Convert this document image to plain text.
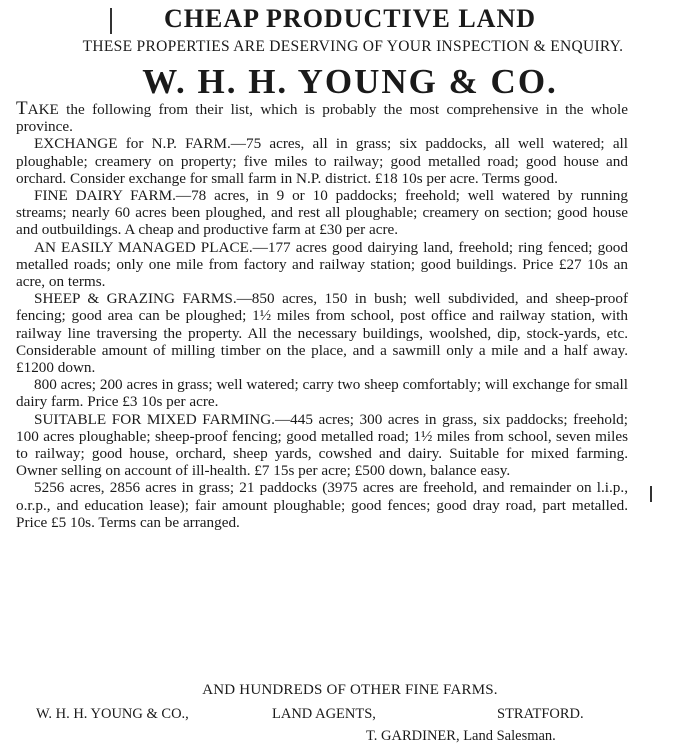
CHEAP PRODUCTIVE LAND
THESE PROPERTIES ARE DESERVING OF YOUR INSPECTION & ENQUIRY.
W. H. H. YOUNG & CO.

TAKE the following from their list, which is probably the most comprehensive in the whole province.

EXCHANGE for N.P. FARM.—75 acres, all in grass; six paddocks, all well watered; all ploughable; creamery on property; five miles to railway; good metalled road; good house and orchard. Consider exchange for small farm in N.P. district. £18 10s per acre. Terms good.

FINE DAIRY FARM.—78 acres, in 9 or 10 paddocks; freehold; well watered by running streams; nearly 60 acres been ploughed, and rest all ploughable; creamery on section; good house and outbuildings. A cheap and productive farm at £30 per acre.

AN EASILY MANAGED PLACE.—177 acres good dairying land, freehold; ring fenced; good metalled roads; only one mile from factory and railway station; good buildings. Price £27 10s an acre, on terms.

SHEEP & GRAZING FARMS.—850 acres, 150 in bush; well subdivided, and sheep-proof fencing; good area can be ploughed; 1½ miles from school, post office and railway station, with railway line traversing the property. All the necessary buildings, woolshed, dip, stock-yards, etc. Considerable amount of milling timber on the place, and a sawmill only a mile and a half away. £1200 down.

800 acres; 200 acres in grass; well watered; carry two sheep comfortably; will exchange for small dairy farm. Price £3 10s per acre.

SUITABLE FOR MIXED FARMING.—445 acres; 300 acres in grass, six paddocks; freehold; 100 acres ploughable; sheep-proof fencing; good metalled road; 1½ miles from school, seven miles to railway; good house, orchard, sheep yards, cowshed and dairy. Suitable for mixed farming. Owner selling on account of ill-health. £7 15s per acre; £500 down, balance easy.

5256 acres, 2856 acres in grass; 21 paddocks (3975 acres are freehold, and remainder on l.i.p., o.r.p., and education lease); fair amount ploughable; good fences; good dray road, part metalled. Price £5 10s. Terms can be arranged.

AND HUNDREDS OF OTHER FINE FARMS.
W. H. H. YOUNG & CO.,	LAND AGENTS,	STRATFORD.
T. GARDINER, Land Salesman.
